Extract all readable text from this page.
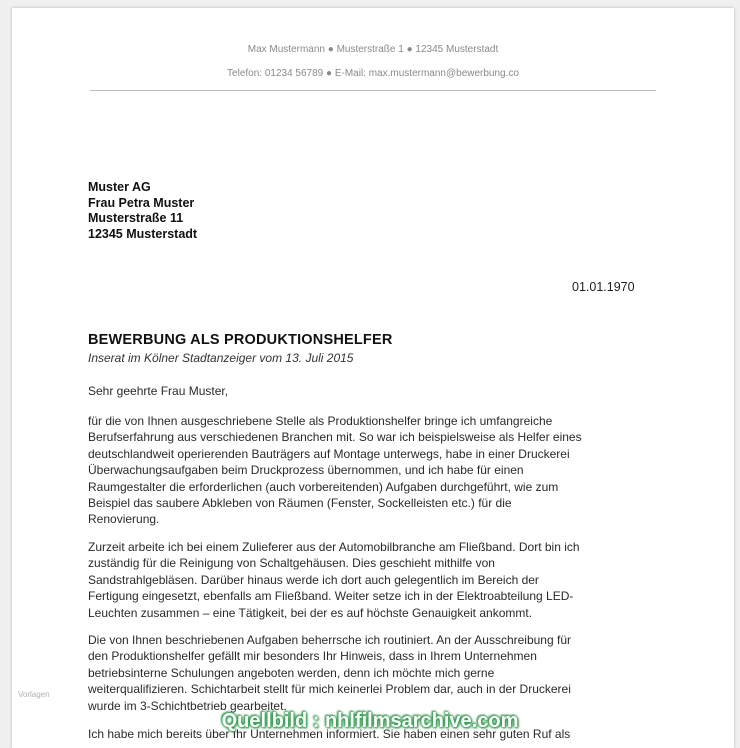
Max Mustermann ● Musterstraße 1 ● 12345 Musterstadt
Telefon: 01234 56789 ● E-Mail: max.mustermann@bewerbung.co
Muster AG
Frau Petra Muster
Musterstraße 11
12345 Musterstadt
01.01.1970
BEWERBUNG ALS PRODUKTIONSHELFER
Inserat im Kölner Stadtanzeiger vom 13. Juli 2015
Sehr geehrte Frau Muster,
für die von Ihnen ausgeschriebene Stelle als Produktionshelfer bringe ich umfangreiche
Berufserfahrung aus verschiedenen Branchen mit. So war ich beispielsweise als Helfer eines
deutschlandweit operierenden Bauträgers auf Montage unterwegs, habe in einer Druckerei
Überwachungsaufgaben beim Druckprozess übernommen, und ich habe für einen
Raumgestalter die erforderlichen (auch vorbereitenden) Aufgaben durchgeführt, wie zum
Beispiel das saubere Abkleben von Räumen (Fenster, Sockelleisten etc.) für die
Renovierung.
Zurzeit arbeite ich bei einem Zulieferer aus der Automobilbranche am Fließband. Dort bin ich
zuständig für die Reinigung von Schaltgehäusen. Dies geschieht mithilfe von
Sandstrahlgebläsen. Darüber hinaus werde ich dort auch gelegentlich im Bereich der
Fertigung eingesetzt, ebenfalls am Fließband. Weiter setze ich in der Elektroabteilung LED-
Leuchten zusammen – eine Tätigkeit, bei der es auf höchste Genauigkeit ankommt.
Die von Ihnen beschriebenen Aufgaben beherrsche ich routiniert. An der Ausschreibung für
den Produktionshelfer gefällt mir besonders Ihr Hinweis, dass in Ihrem Unternehmen
betriebsinterne Schulungen angeboten werden, denn ich möchte mich gerne
weiterqualifizieren. Schichtarbeit stellt für mich keinerlei Problem dar, auch in der Druckerei
wurde im 3-Schichtbetrieb gearbeitet.
Ich habe mich bereits über Ihr Unternehmen informiert. Sie haben einen sehr guten Ruf als
Vorlagen
Quellbild : nhlfilmsarchive.com
